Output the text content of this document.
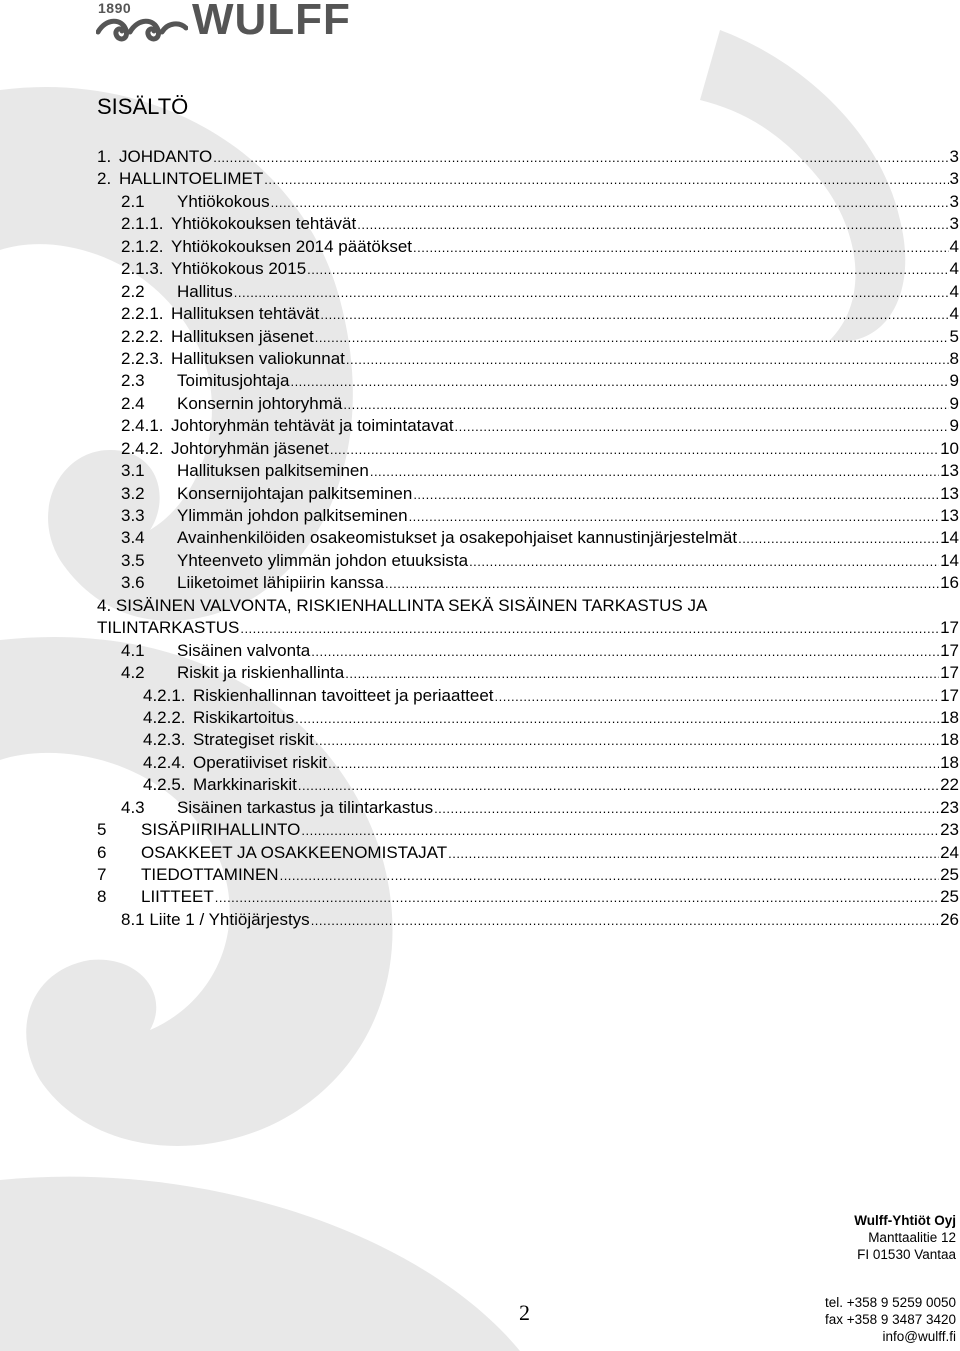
1890 WULFF
SISÄLTÖ
1. JOHDANTO .....	3
2. HALLINTOELIMET .....	3
2.1 Yhtiökokous .....	3
2.1.1. Yhtiökokouksen tehtävät .....	3
2.1.2. Yhtiökokouksen 2014 päätökset .....	4
2.1.3. Yhtiökokous 2015 .....	4
2.2 Hallitus .....	4
2.2.1. Hallituksen tehtävät .....	4
2.2.2. Hallituksen jäsenet .....	5
2.2.3. Hallituksen valiokunnat .....	8
2.3 Toimitusjohtaja .....	9
2.4 Konsernin johtoryhmä .....	9
2.4.1. Johtoryhmän tehtävät ja toimintatavat .....	9
2.4.2. Johtoryhmän jäsenet .....	10
3.1 Hallituksen palkitseminen .....	13
3.2 Konsernijohtajan palkitseminen .....	13
3.3 Ylimmän johdon palkitseminen .....	13
3.4 Avainhenkilöiden osakeomistukset ja osakepohjaiset kannustinjärjestelmät .....	14
3.5 Yhteenveto ylimmän johdon etuuksista .....	14
3.6 Liiketoimet lähipiirin kanssa .....	16
4. SISÄINEN VALVONTA, RISKIENHALLINTA SEKÄ SISÄINEN TARKASTUS JA
TILINTARKASTUS .....	17
4.1 Sisäinen valvonta .....	17
4.2 Riskit ja riskienhallinta .....	17
4.2.1. Riskienhallinnan tavoitteet ja periaatteet .....	17
4.2.2. Riskikartoitus .....	18
4.2.3. Strategiset riskit .....	18
4.2.4. Operatiiviset riskit .....	18
4.2.5. Markkinariskit .....	22
4.3 Sisäinen tarkastus ja tilintarkastus .....	23
5 SISÄPIIRIHALLINTO .....	23
6 OSAKKEET JA OSAKKEENOMISTAJAT .....	24
7 TIEDOTTAMINEN .....	25
8 LIITTEET .....	25
8.1 Liite 1 / Yhtiöjärjestys .....	26
Wulff-Yhtiöt Oyj
Manttaalitie 12
FI 01530 Vantaa
tel. +358 9 5259 0050
fax +358 9 3487 3420
info@wulff.fi
2
